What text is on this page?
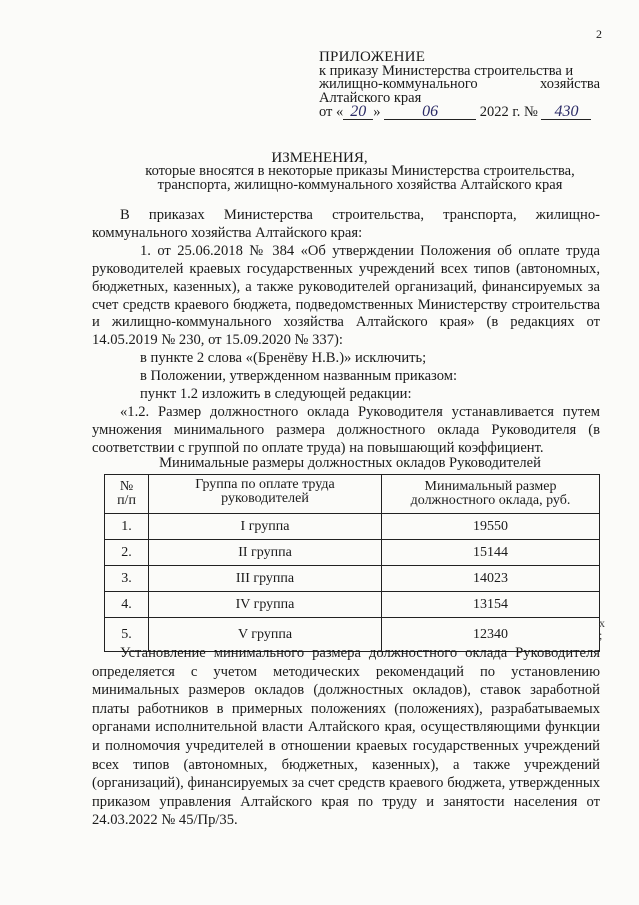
2
ПРИЛОЖЕНИЕ
к приказу Министерства строительства и
жилищно-коммунального	хозяйства
Алтайского края
от « 20 »	06	2022 г. № 430
ИЗМЕНЕНИЯ,
которые вносятся в некоторые приказы Министерства строительства,
транспорта, жилищно-коммунального хозяйства Алтайского края

В приказах Министерства строительства, транспорта, жилищно-коммунального хозяйства Алтайского края:

1. от 25.06.2018 № 384 «Об утверждении Положения об оплате труда руководителей краевых государственных учреждений всех типов (автономных, бюджетных, казенных), а также руководителей организаций, финансируемых за счет средств краевого бюджета, подведомственных Министерству строительства и жилищно-коммунального хозяйства Алтайского края» (в редакциях от 14.05.2019 № 230, от 15.09.2020 № 337):

в пункте 2 слова «(Бренёву Н.В.)» исключить;

в Положении, утвержденном названным приказом:

пункт 1.2 изложить в следующей редакции:

«1.2. Размер должностного оклада Руководителя устанавливается путем умножения минимального размера должностного оклада Руководителя (в соответствии с группой по оплате труда) на повышающий коэффициент.

Минимальные размеры должностных окладов Руководителей
№ п/п	Группа по оплате труда руководителей	Минимальный размер должностного оклада, руб.

1.	I группа	19550
2.	II группа	15144
3.	III группа	14023
4.	IV группа	13154
5.	V группа	12340
x
;

Установление минимального размера должностного оклада Руководителя определяется с учетом методических рекомендаций по установлению минимальных размеров окладов (должностных окладов), ставок заработной платы работников в примерных положениях (положениях), разрабатываемых органами исполнительной власти Алтайского края, осуществляющими функции и полномочия учредителей в отношении краевых государственных учреждений всех типов (автономных, бюджетных, казенных), а также учреждений (организаций), финансируемых за счет средств краевого бюджета, утвержденных приказом управления Алтайского края по труду и занятости населения от 24.03.2022 № 45/Пр/35.
